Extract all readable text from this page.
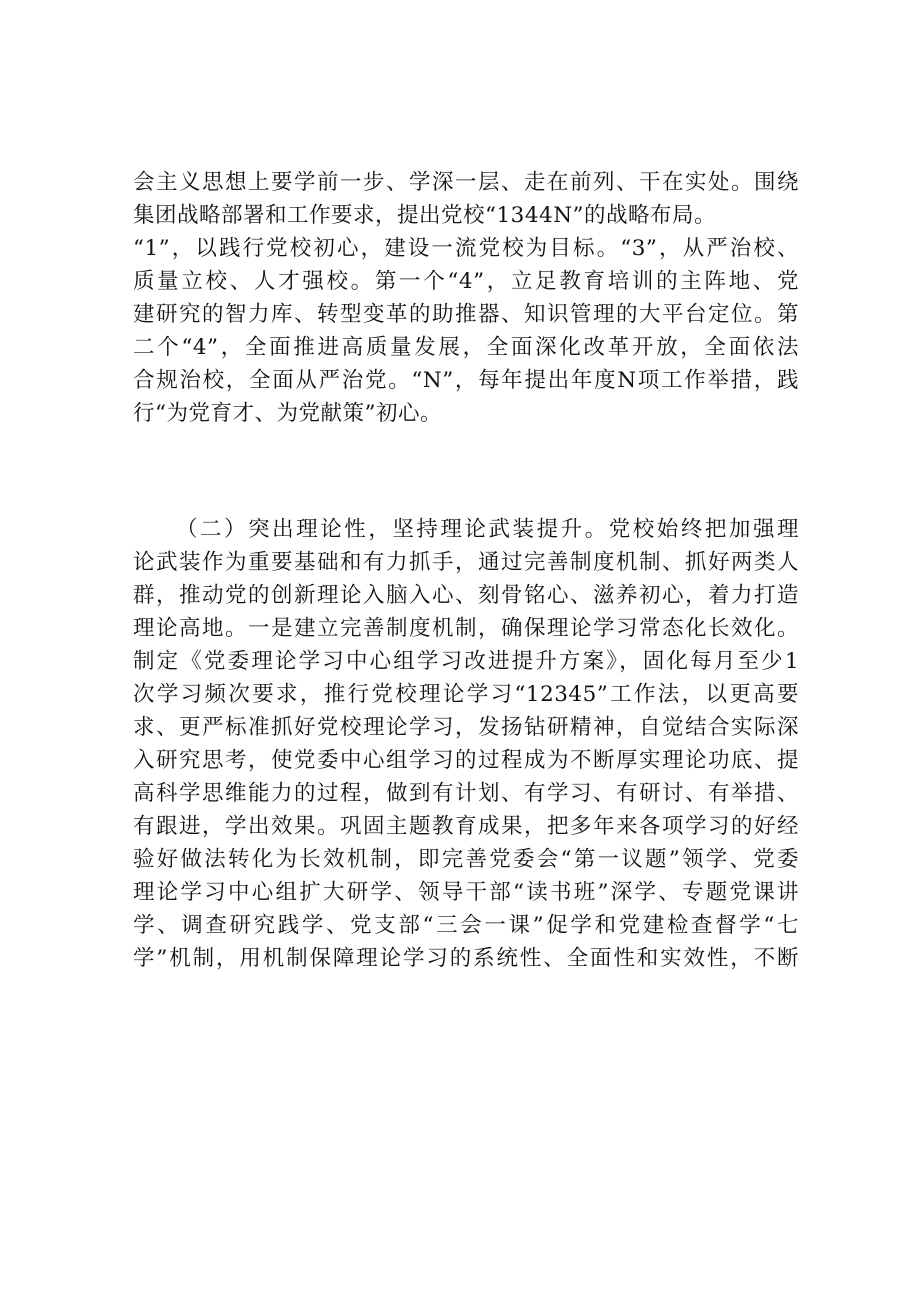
会主义思想上要学前一步、学深一层、走在前列、干在实处。围绕
集团战略部署和工作要求，提出党校“1344N”的战略布局。
“1”，以践行党校初心，建设一流党校为目标。“3”，从严治校、
质量立校、人才强校。第一个“4”，立足教育培训的主阵地、党
建研究的智力库、转型变革的助推器、知识管理的大平台定位。第
二个“4”，全面推进高质量发展，全面深化改革开放，全面依法
合规治校，全面从严治党。“N”，每年提出年度N项工作举措，践
行“为党育才、为党献策”初心。
（二）突出理论性，坚持理论武装提升。党校始终把加强理
论武装作为重要基础和有力抓手，通过完善制度机制、抓好两类人
群，推动党的创新理论入脑入心、刻骨铭心、滋养初心，着力打造
理论高地。一是建立完善制度机制，确保理论学习常态化长效化。
制定《党委理论学习中心组学习改进提升方案》，固化每月至少1
次学习频次要求，推行党校理论学习“12345”工作法，以更高要
求、更严标准抓好党校理论学习，发扬钻研精神，自觉结合实际深
入研究思考，使党委中心组学习的过程成为不断厚实理论功底、提
高科学思维能力的过程，做到有计划、有学习、有研讨、有举措、
有跟进，学出效果。巩固主题教育成果，把多年来各项学习的好经
验好做法转化为长效机制，即完善党委会“第一议题”领学、党委
理论学习中心组扩大研学、领导干部“读书班”深学、专题党课讲
学、调查研究践学、党支部“三会一课”促学和党建检查督学“七
学”机制，用机制保障理论学习的系统性、全面性和实效性，不断
